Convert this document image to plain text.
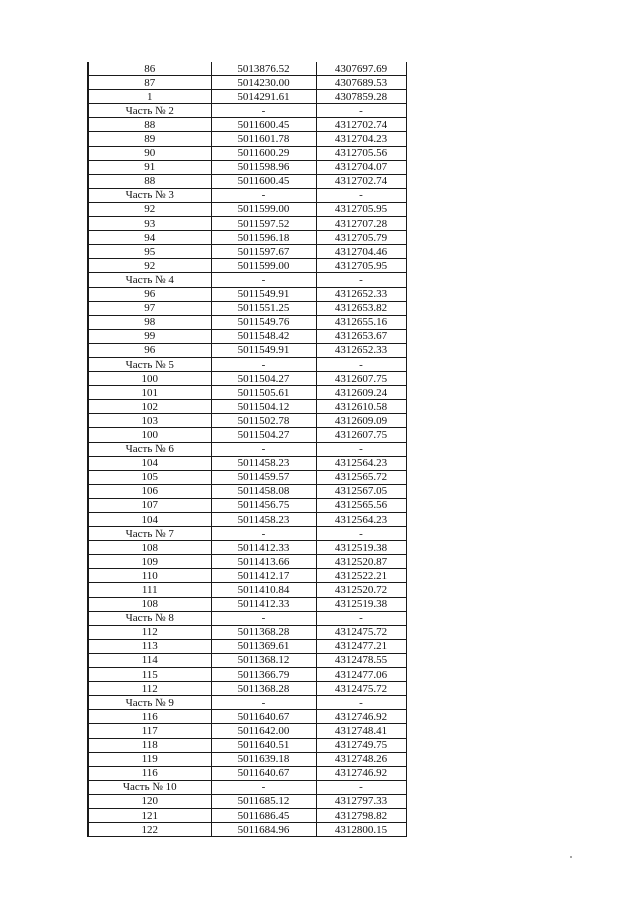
86	5013876.52	4307697.69
87	5014230.00	4307689.53
1	5014291.61	4307859.28
Часть № 2	-	-
88	5011600.45	4312702.74
89	5011601.78	4312704.23
90	5011600.29	4312705.56
91	5011598.96	4312704.07
88	5011600.45	4312702.74
Часть № 3	-	-
92	5011599.00	4312705.95
93	5011597.52	4312707.28
94	5011596.18	4312705.79
95	5011597.67	4312704.46
92	5011599.00	4312705.95
Часть № 4	-	-
96	5011549.91	4312652.33
97	5011551.25	4312653.82
98	5011549.76	4312655.16
99	5011548.42	4312653.67
96	5011549.91	4312652.33
Часть № 5	-	-
100	5011504.27	4312607.75
101	5011505.61	4312609.24
102	5011504.12	4312610.58
103	5011502.78	4312609.09
100	5011504.27	4312607.75
Часть № 6	-	-
104	5011458.23	4312564.23
105	5011459.57	4312565.72
106	5011458.08	4312567.05
107	5011456.75	4312565.56
104	5011458.23	4312564.23
Часть № 7	-	-
108	5011412.33	4312519.38
109	5011413.66	4312520.87
110	5011412.17	4312522.21
111	5011410.84	4312520.72
108	5011412.33	4312519.38
Часть № 8	-	-
112	5011368.28	4312475.72
113	5011369.61	4312477.21
114	5011368.12	4312478.55
115	5011366.79	4312477.06
112	5011368.28	4312475.72
Часть № 9	-	-
116	5011640.67	4312746.92
117	5011642.00	4312748.41
118	5011640.51	4312749.75
119	5011639.18	4312748.26
116	5011640.67	4312746.92
Часть № 10	-	-
120	5011685.12	4312797.33
121	5011686.45	4312798.82
122	5011684.96	4312800.15
